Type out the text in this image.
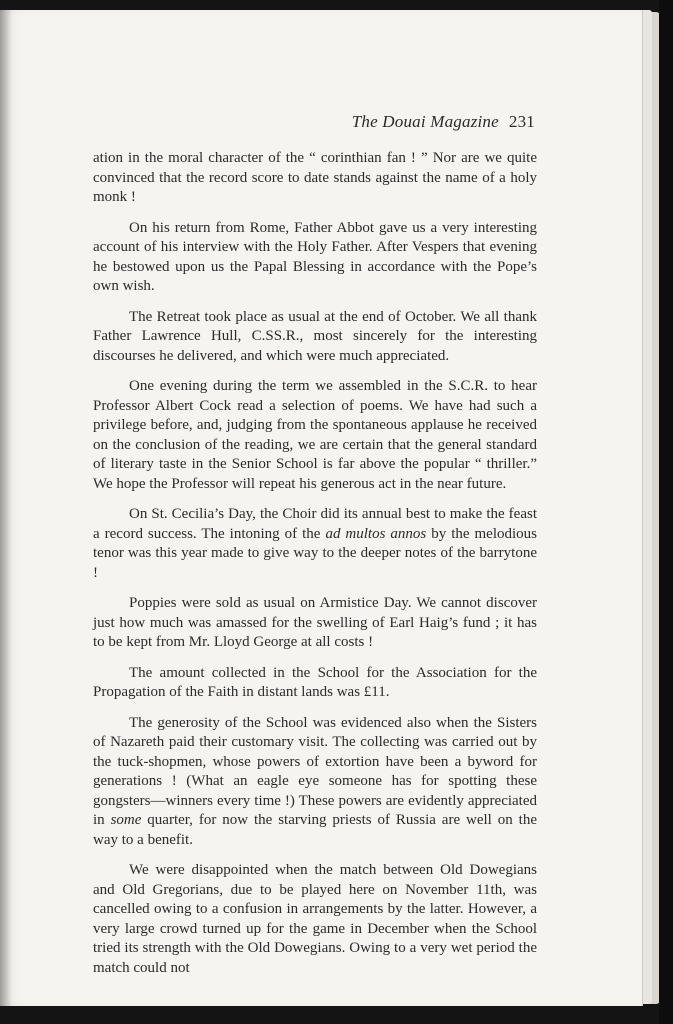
The Douai Magazine 231

ation in the moral character of the “ corinthian fan ! ” Nor are we quite convinced that the record score to date stands against the name of a holy monk !

On his return from Rome, Father Abbot gave us a very interesting account of his interview with the Holy Father. After Vespers that evening he bestowed upon us the Papal Blessing in accordance with the Pope’s own wish.

The Retreat took place as usual at the end of October. We all thank Father Lawrence Hull, C.SS.R., most sincerely for the interesting discourses he delivered, and which were much appreciated.

One evening during the term we assembled in the S.C.R. to hear Professor Albert Cock read a selection of poems. We have had such a privilege before, and, judging from the spontaneous applause he received on the conclusion of the reading, we are certain that the general standard of literary taste in the Senior School is far above the popular “ thriller.” We hope the Professor will repeat his generous act in the near future.

On St. Cecilia’s Day, the Choir did its annual best to make the feast a record success. The intoning of the ad multos annos by the melodious tenor was this year made to give way to the deeper notes of the barrytone !

Poppies were sold as usual on Armistice Day. We cannot discover just how much was amassed for the swelling of Earl Haig’s fund ; it has to be kept from Mr. Lloyd George at all costs !

The amount collected in the School for the Association for the Propagation of the Faith in distant lands was £11.

The generosity of the School was evidenced also when the Sisters of Nazareth paid their customary visit. The collecting was carried out by the tuck-shopmen, whose powers of extortion have been a byword for generations ! (What an eagle eye someone has for spotting these gongsters—winners every time !) These powers are evidently appreciated in some quarter, for now the starving priests of Russia are well on the way to a benefit.

We were disappointed when the match between Old Dowegians and Old Gregorians, due to be played here on November 11th, was cancelled owing to a confusion in arrangements by the latter. However, a very large crowd turned up for the game in December when the School tried its strength with the Old Dowegians. Owing to a very wet period the match could not
